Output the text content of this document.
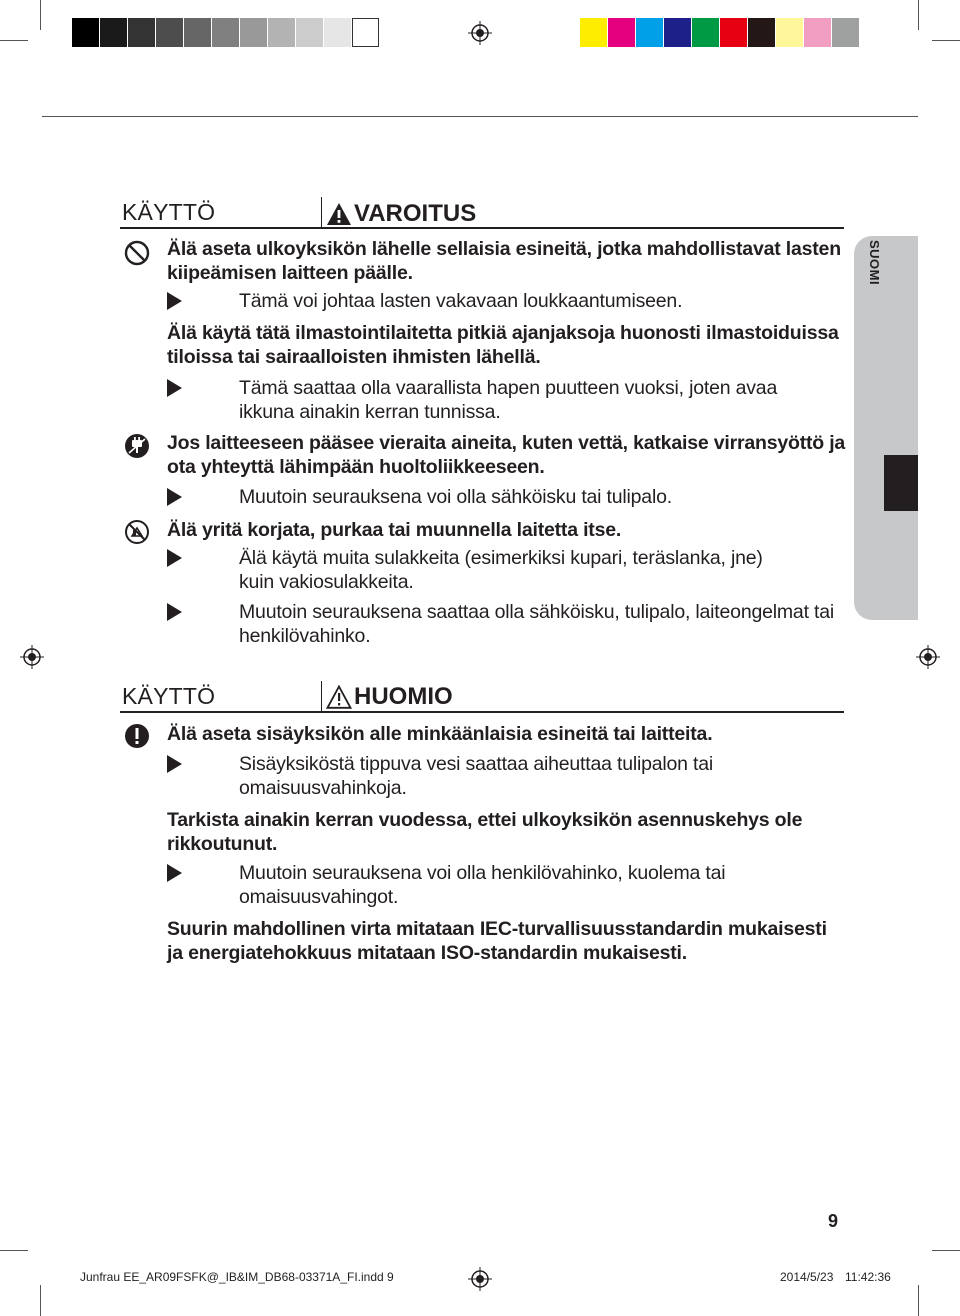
SUOMI
KÄYTTÖ	VAROITUS
Älä aseta ulkoyksikön lähelle sellaisia esineitä, jotka mahdollistavat lasten kiipeämisen laitteen päälle.
Tämä voi johtaa lasten vakavaan loukkaantumiseen.
Älä käytä tätä ilmastointilaitetta pitkiä ajanjaksoja huonosti ilmastoiduissa tiloissa tai sairaalloisten ihmisten lähellä.
Tämä saattaa olla vaarallista hapen puutteen vuoksi, joten avaa ikkuna ainakin kerran tunnissa.
Jos laitteeseen pääsee vieraita aineita, kuten vettä, katkaise virransyöttö ja ota yhteyttä lähimpään huoltoliikkeeseen.
Muutoin seurauksena voi olla sähköisku tai tulipalo.
Älä yritä korjata, purkaa tai muunnella laitetta itse.
Älä käytä muita sulakkeita (esimerkiksi kupari, teräslanka, jne) kuin vakiosulakkeita.
Muutoin seurauksena saattaa olla sähköisku, tulipalo, laiteongelmat tai henkilövahinko.
KÄYTTÖ	HUOMIO
Älä aseta sisäyksikön alle minkäänlaisia esineitä tai laitteita.
Sisäyksiköstä tippuva vesi saattaa aiheuttaa tulipalon tai omaisuusvahinkoja.
Tarkista ainakin kerran vuodessa, ettei ulkoyksikön asennuskehys ole rikkoutunut.
Muutoin seurauksena voi olla henkilövahinko, kuolema tai omaisuusvahingot.
Suurin mahdollinen virta mitataan IEC-turvallisuusstandardin mukaisesti ja energiatehokkuus mitataan ISO-standardin mukaisesti.
9
Junfrau EE_AR09FSFK@_IB&IM_DB68-03371A_FI.indd 9	2014/5/23 11:42:36
